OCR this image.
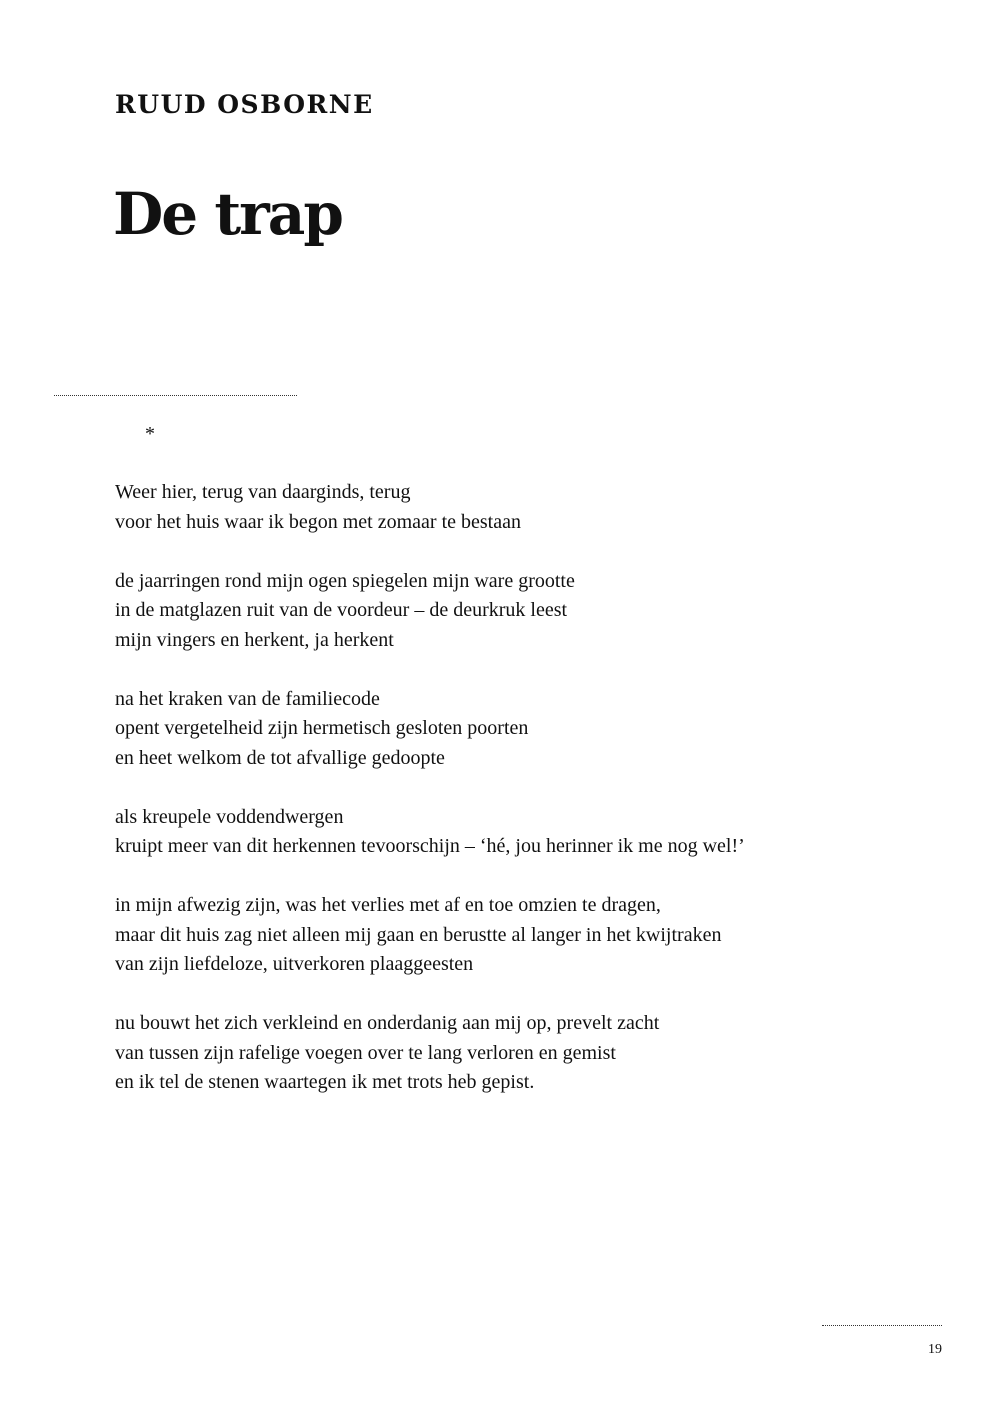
RUUD OSBORNE
De trap
*
Weer hier, terug van daarginds, terug
voor het huis waar ik begon met zomaar te bestaan
de jaarringen rond mijn ogen spiegelen mijn ware grootte
in de matglazen ruit van de voordeur – de deurkruk leest
mijn vingers en herkent, ja herkent
na het kraken van de familiecode
opent vergetelheid zijn hermetisch gesloten poorten
en heet welkom de tot afvallige gedoopte
als kreupele voddendwergen
kruipt meer van dit herkennen tevoorschijn – ‘hé, jou herinner ik me nog wel!’
in mijn afwezig zijn, was het verlies met af en toe omzien te dragen,
maar dit huis zag niet alleen mij gaan en berustte al langer in het kwijtraken
van zijn liefdeloze, uitverkoren plaaggeesten
nu bouwt het zich verkleind en onderdanig aan mij op, prevelt zacht
van tussen zijn rafelige voegen over te lang verloren en gemist
en ik tel de stenen waartegen ik met trots heb gepist.
19
